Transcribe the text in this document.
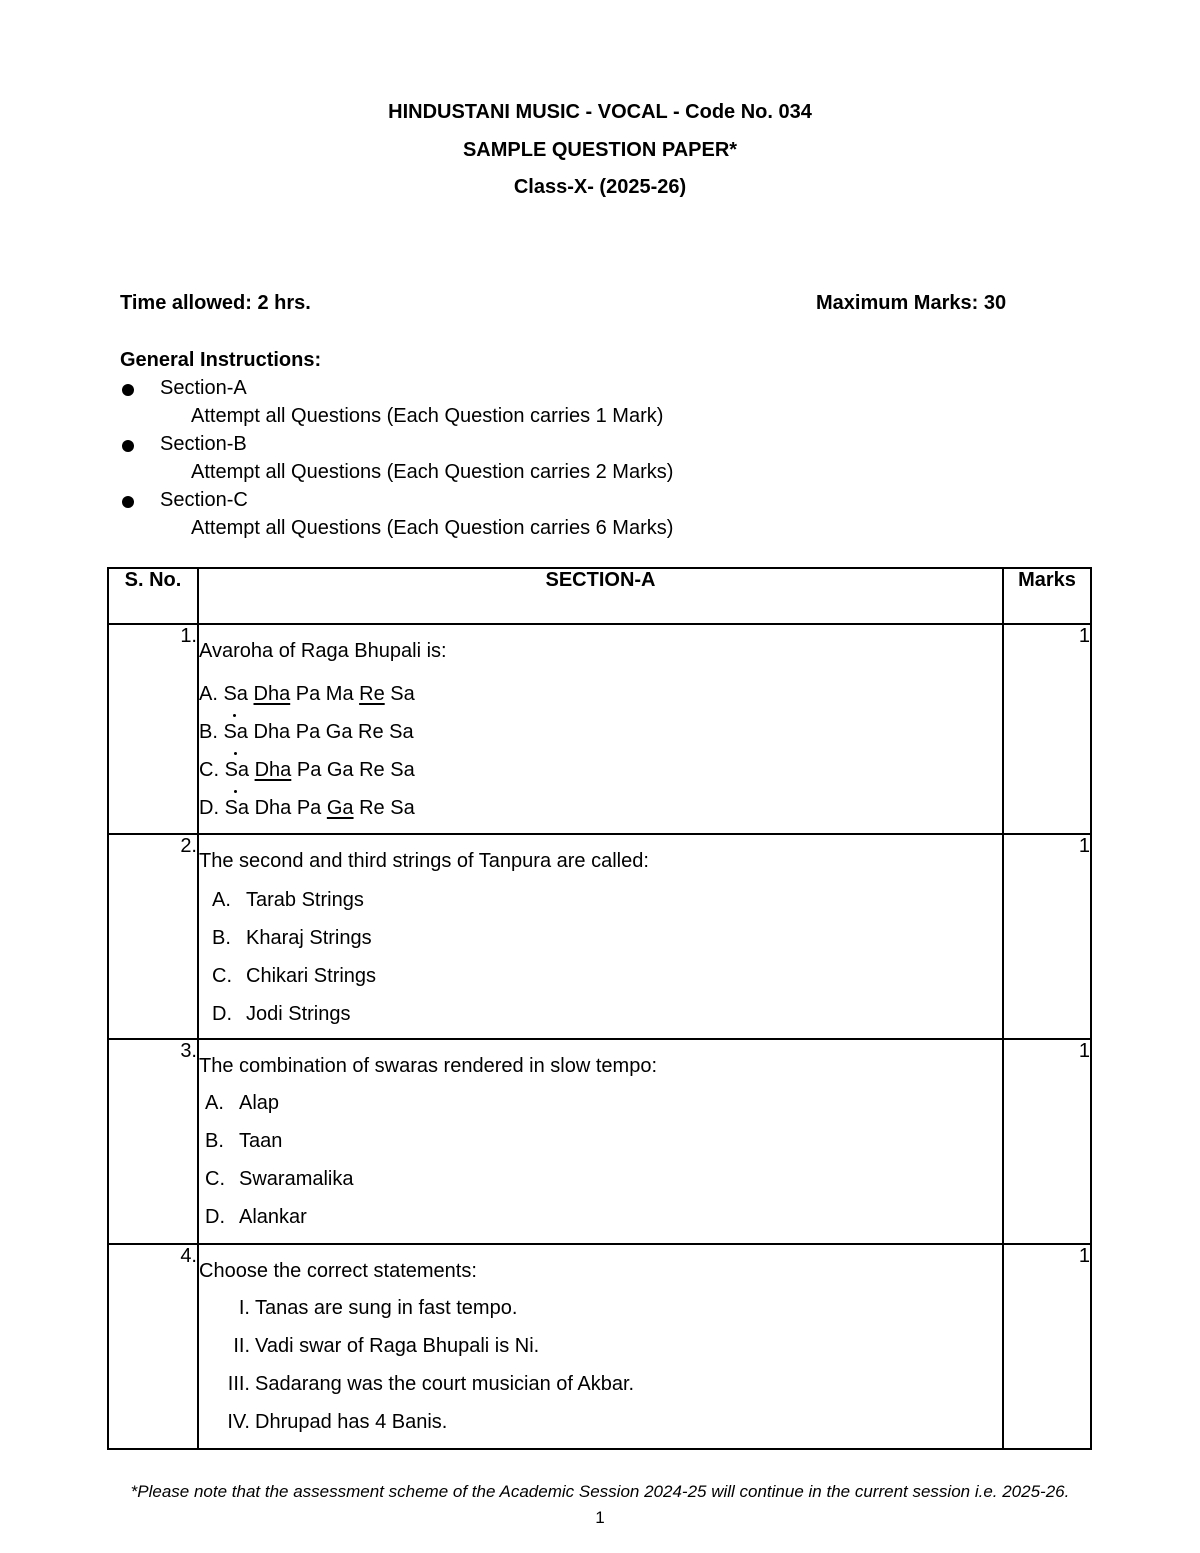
HINDUSTANI MUSIC - VOCAL - Code No. 034
SAMPLE QUESTION PAPER*
Class-X- (2025-26)
Time allowed: 2 hrs.	Maximum Marks: 30
General Instructions:
Section-A
Attempt all Questions (Each Question carries 1 Mark)
Section-B
Attempt all Questions (Each Question carries 2 Marks)
Section-C
Attempt all Questions (Each Question carries 6 Marks)
S. No.	SECTION-A	Marks
1.	Avaroha of Raga Bhupali is:
A. Sa Dha Pa Ma Re Sa
B. Sa Dha Pa Ga Re Sa
C. Sa Dha Pa Ga Re Sa
D. Sa Dha Pa Ga Re Sa	1
2.	The second and third strings of Tanpura are called:
A. Tarab Strings
B. Kharaj Strings
C. Chikari Strings
D. Jodi Strings	1
3.	The combination of swaras rendered in slow tempo:
A. Alap
B. Taan
C. Swaramalika
D. Alankar	1
4.	Choose the correct statements:
I. Tanas are sung in fast tempo.
II. Vadi swar of Raga Bhupali is Ni.
III. Sadarang was the court musician of Akbar.
IV. Dhrupad has 4 Banis.	1
*Please note that the assessment scheme of the Academic Session 2024-25 will continue in the current session i.e. 2025-26.
1
